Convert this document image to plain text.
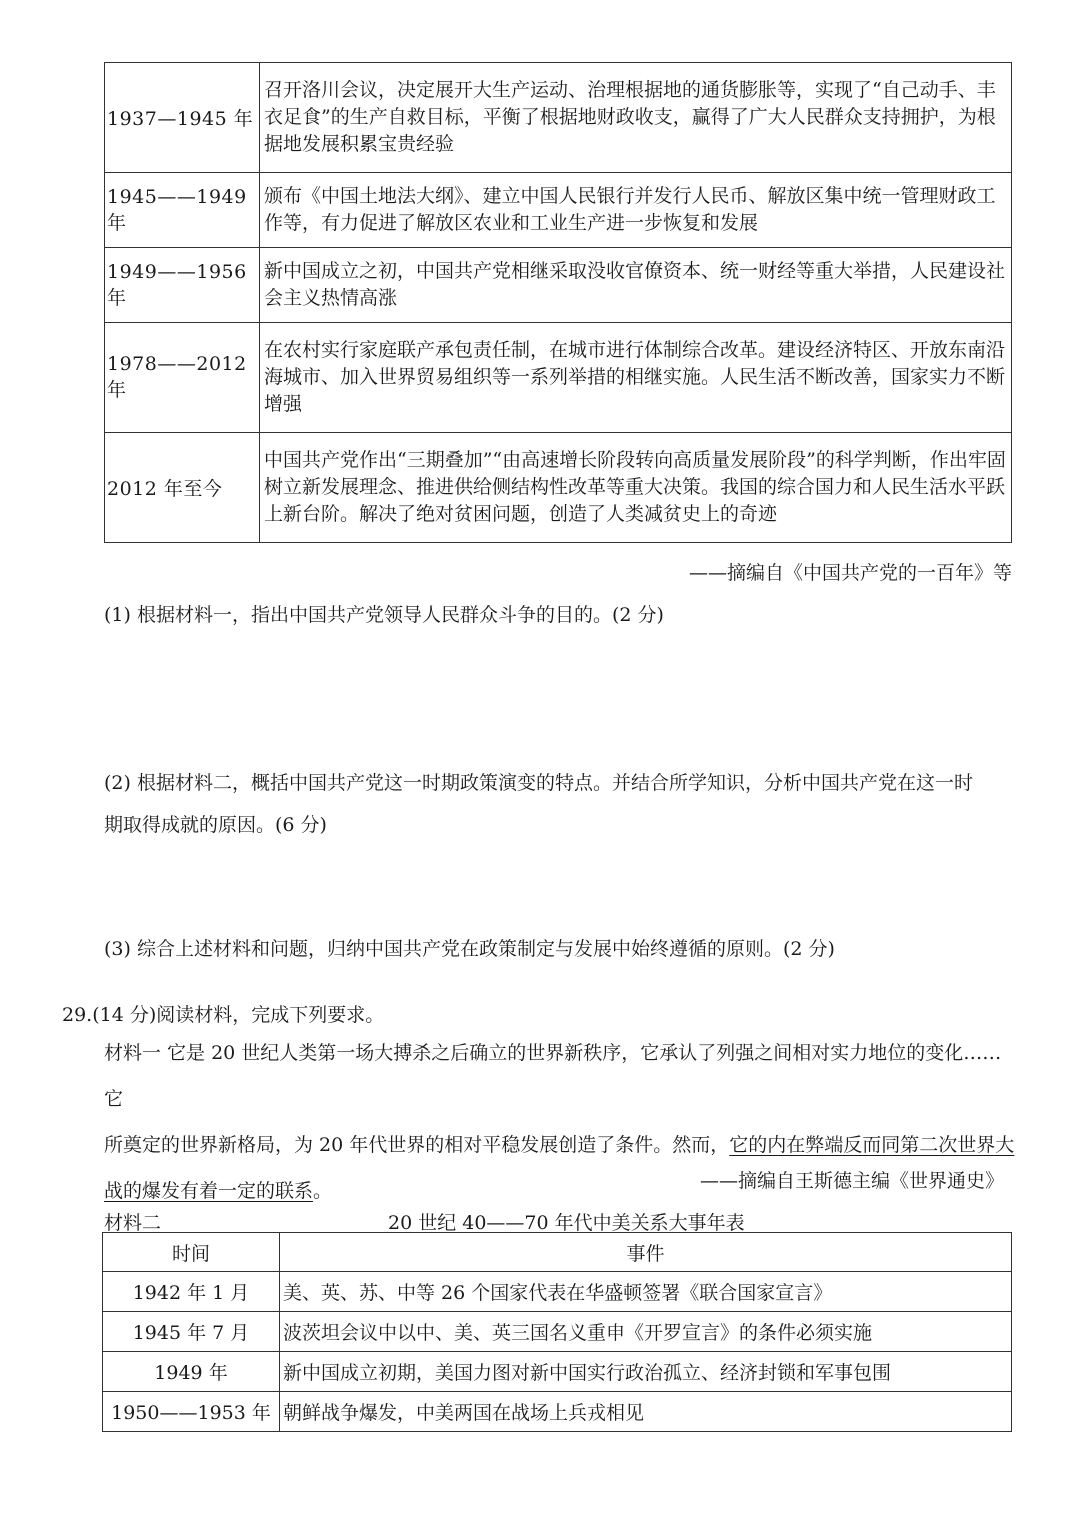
1937—1945 年	召开洛川会议，决定展开大生产运动、治理根据地的通货膨胀等，实现了“自己动手、丰衣足食”的生产自救目标，平衡了根据地财政收支，赢得了广大人民群众支持拥护，为根据地发展积累宝贵经验
1945——1949年	颁布《中国土地法大纲》、建立中国人民银行并发行人民币、解放区集中统一管理财政工作等，有力促进了解放区农业和工业生产进一步恢复和发展
1949——1956年	新中国成立之初，中国共产党相继采取没收官僚资本、统一财经等重大举措，人民建设社会主义热情高涨
1978——2012年	在农村实行家庭联产承包责任制，在城市进行体制综合改革。建设经济特区、开放东南沿海城市、加入世界贸易组织等一系列举措的相继实施。人民生活不断改善，国家实力不断增强
2012 年至今	中国共产党作出“三期叠加”“由高速增长阶段转向高质量发展阶段”的科学判断，作出牢固树立新发展理念、推进供给侧结构性改革等重大决策。我国的综合国力和人民生活水平跃上新台阶。解决了绝对贫困问题，创造了人类减贫史上的奇迹
——摘编自《中国共产党的一百年》等
(1) 根据材料一，指出中国共产党领导人民群众斗争的目的。(2 分)
(2) 根据材料二，概括中国共产党这一时期政策演变的特点。并结合所学知识，分析中国共产党在这一时
期取得成就的原因。(6 分)
(3) 综合上述材料和问题，归纳中国共产党在政策制定与发展中始终遵循的原则。(2 分)
29.(14 分)阅读材料，完成下列要求。
材料一 它是 20 世纪人类第一场大搏杀之后确立的世界新秩序，它承认了列强之间相对实力地位的变化……它
所奠定的世界新格局，为 20 年代世界的相对平稳发展创造了条件。然而，它的内在弊端反而同第二次世界大
战的爆发有着一定的联系。	——摘编自王斯德主编《世界通史》
材料二	20 世纪 40——70 年代中美关系大事年表
时间	事件
1942 年 1 月	美、英、苏、中等 26 个国家代表在华盛顿签署《联合国家宣言》
1945 年 7 月	波茨坦会议中以中、美、英三国名义重申《开罗宣言》的条件必须实施
1949 年	新中国成立初期，美国力图对新中国实行政治孤立、经济封锁和军事包围
1950——1953 年	朝鲜战争爆发，中美两国在战场上兵戎相见
